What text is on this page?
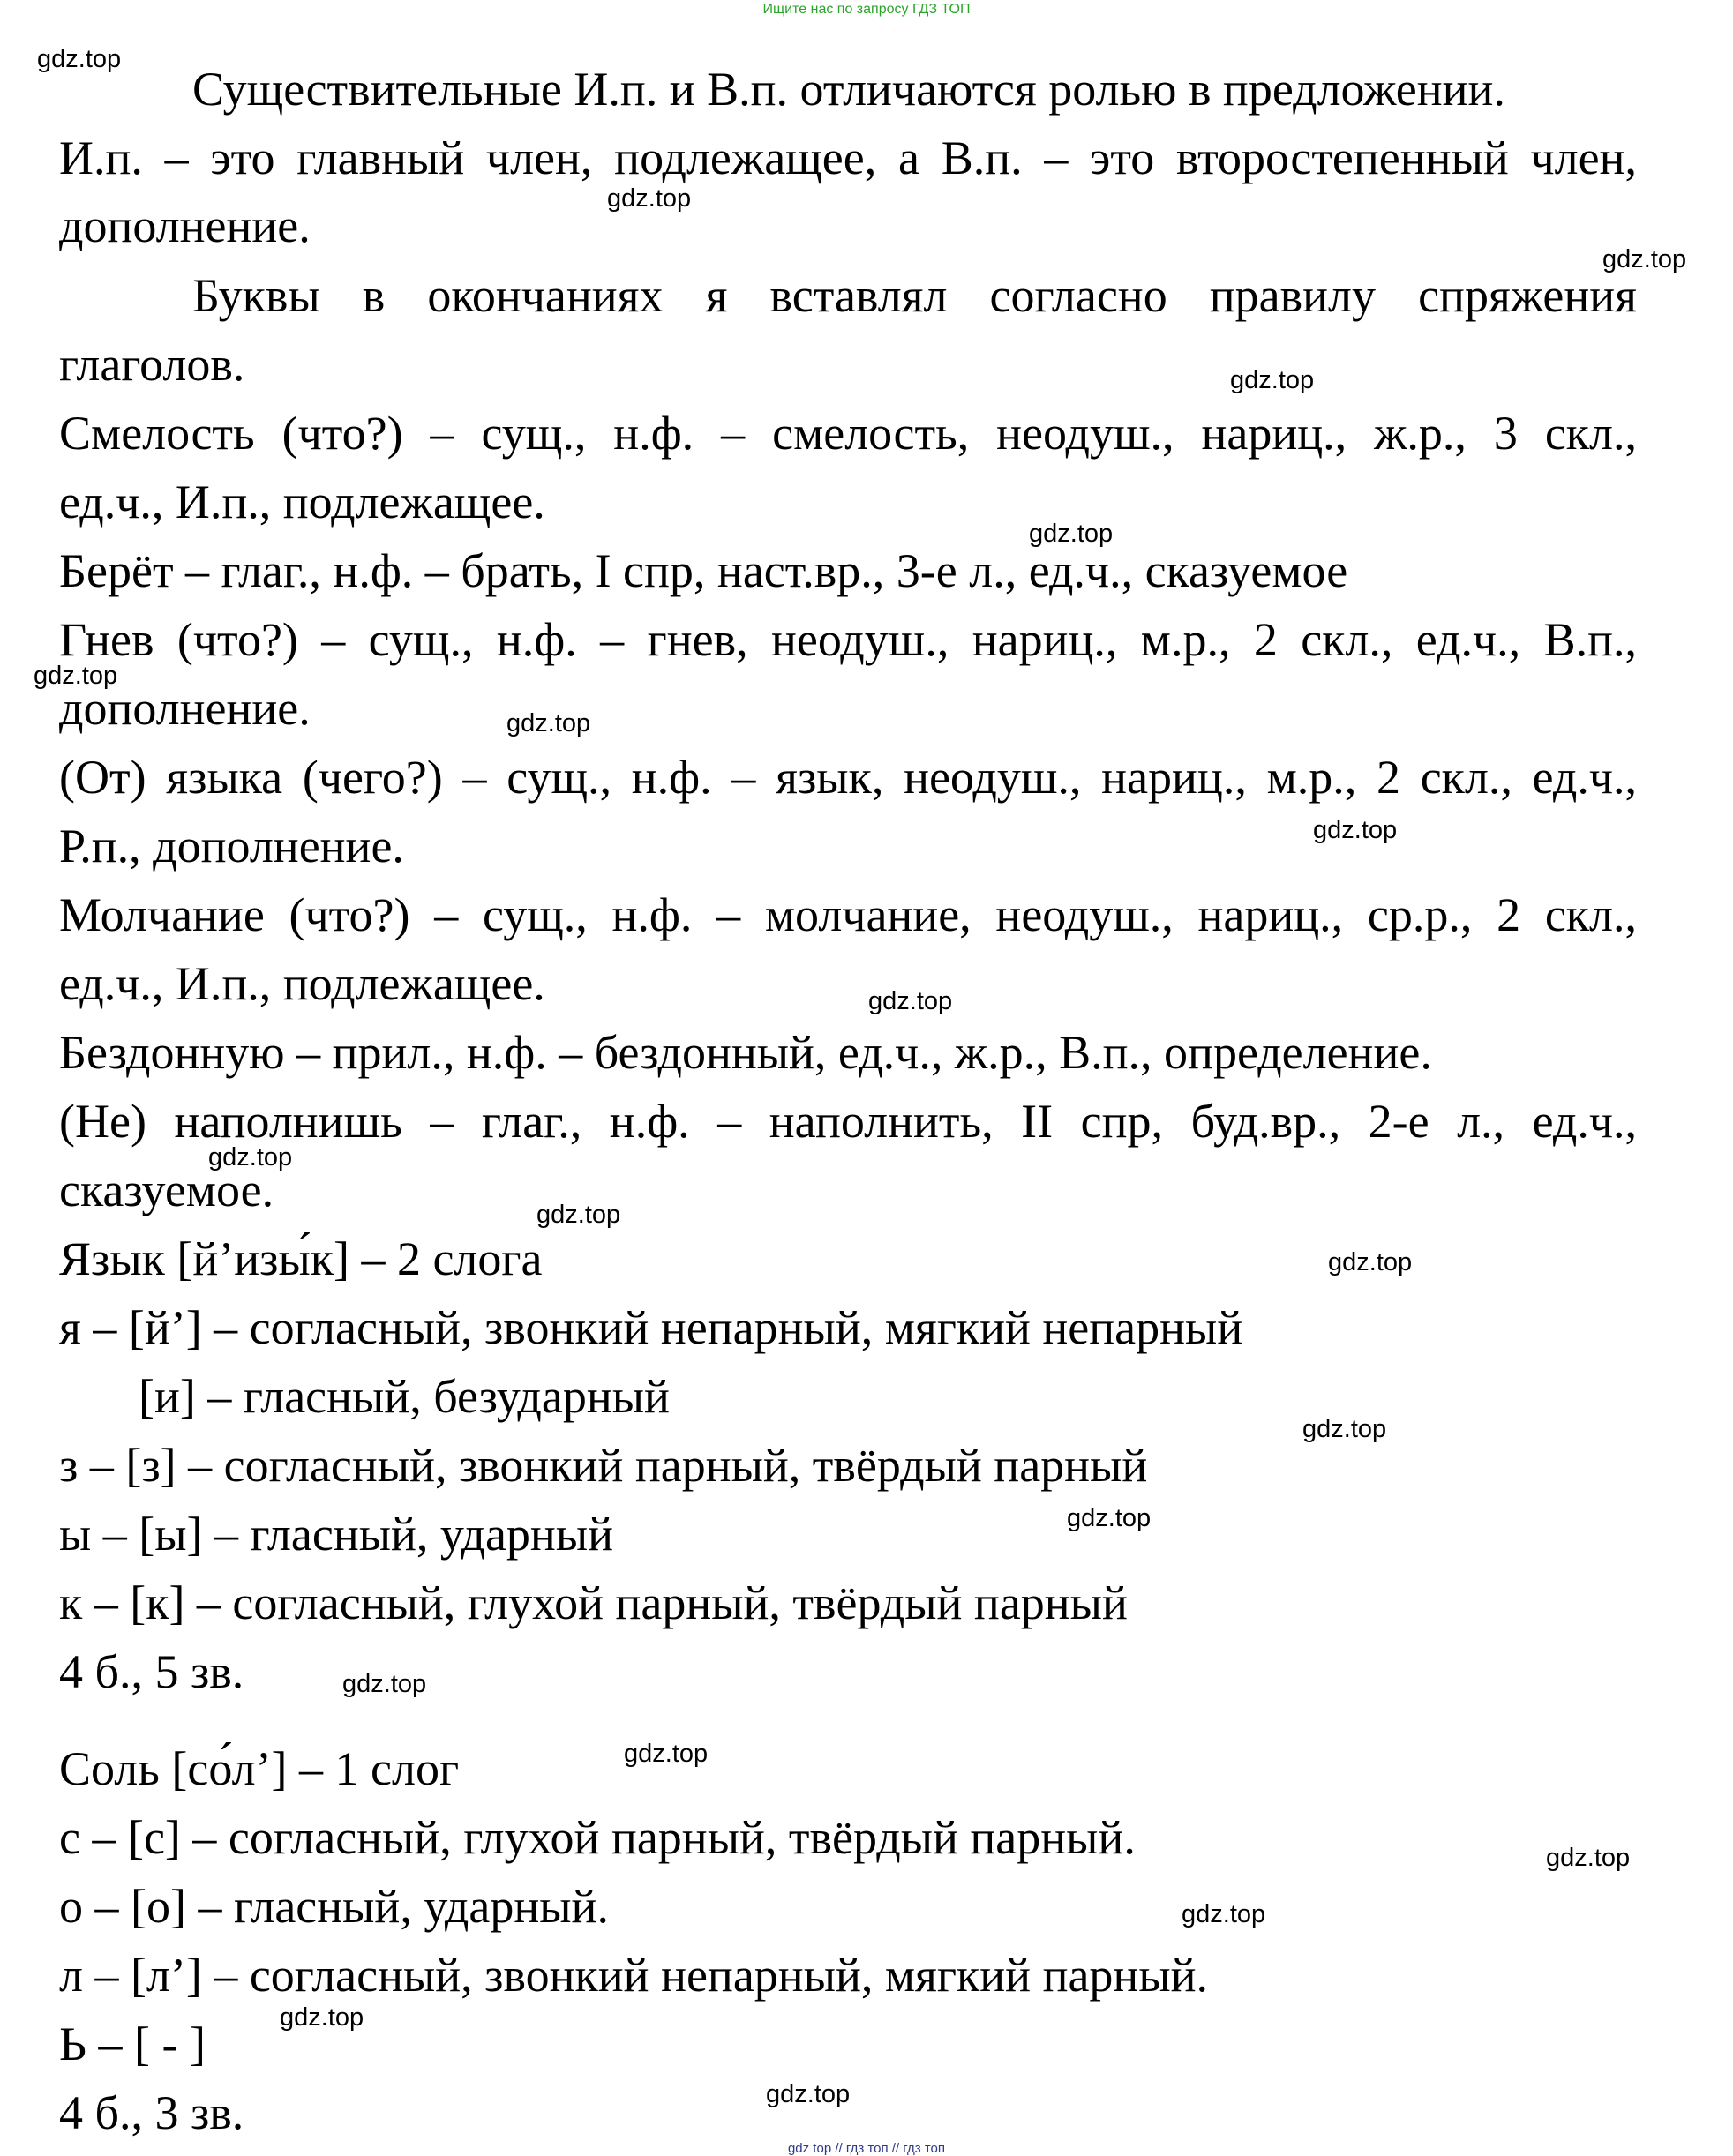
Ищите нас по запросу ГДЗ ТОП
Существительные И.п. и В.п. отличаются ролью в предложении.
И.п. – это главный член, подлежащее, а В.п. – это второстепенный член,
дополнение.
Буквы в окончаниях я вставлял согласно правилу спряжения
глаголов.
Смелость (что?) – сущ., н.ф. – смелость, неодуш., нариц., ж.р., 3 скл.,
ед.ч., И.п., подлежащее.
Берёт – глаг., н.ф. – брать, I спр, наст.вр., 3-е л., ед.ч., сказуемое
Гнев (что?) – сущ., н.ф. – гнев, неодуш., нариц., м.р., 2 скл., ед.ч., В.п.,
дополнение.
(От) языка (чего?) – сущ., н.ф. – язык, неодуш., нариц., м.р., 2 скл., ед.ч.,
Р.п., дополнение.
Молчание (что?) – сущ., н.ф. – молчание, неодуш., нариц., ср.р., 2 скл.,
ед.ч., И.п., подлежащее.
Бездонную – прил., н.ф. – бездонный, ед.ч., ж.р., В.п., определение.
(Не) наполнишь – глаг., н.ф. – наполнить, II спр, буд.вр., 2-е л., ед.ч.,
сказуемое.
Язык [й’изы́к] – 2 слога
я – [й’] – согласный, звонкий непарный, мягкий непарный
[и] – гласный, безударный
з – [з] – согласный, звонкий парный, твёрдый парный
ы – [ы] – гласный, ударный
к – [к] – согласный, глухой парный, твёрдый парный
4 б., 5 зв.
Соль [со́л’] – 1 слог
с – [с] – согласный, глухой парный, твёрдый парный.
о – [о] – гласный, ударный.
л – [л’] – согласный, звонкий непарный, мягкий парный.
Ь – [ - ]
4 б., 3 зв.
gdz.top
gdz.top
gdz.top
gdz.top
gdz.top
gdz.top
gdz.top
gdz.top
gdz.top
gdz.top
gdz.top
gdz.top
gdz.top
gdz.top
gdz.top
gdz.top
gdz.top
gdz.top
gdz.top
gdz.top
gdz top // гдз топ // гдз топ
